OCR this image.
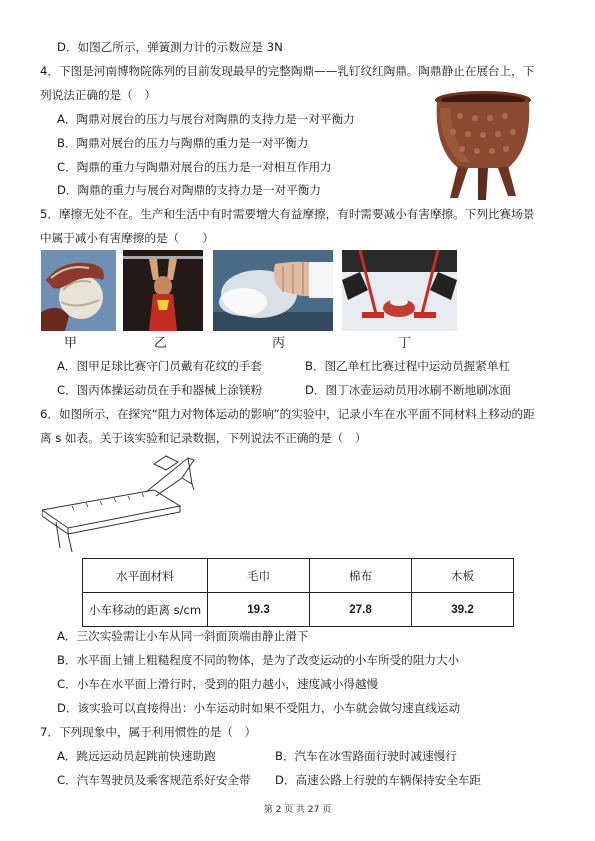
D．如图乙所示，弹簧测力计的示数应是 3N
4．下图是河南博物院陈列的目前发现最早的完整陶鼎——乳钉纹红陶鼎。陶鼎静止在展台上，下
列说法正确的是（　）
A．陶鼎对展台的压力与展台对陶鼎的支持力是一对平衡力
B．陶鼎对展台的压力与陶鼎的重力是一对平衡力
C．陶鼎的重力与陶鼎对展台的压力是一对相互作用力
D．陶鼎的重力与展台对陶鼎的支持力是一对平衡力
5．摩擦无处不在。生产和生活中有时需要增大有益摩擦，有时需要减小有害摩擦。下列比赛场景
中属于减小有害摩擦的是（　　）
甲	乙	丙	丁
A．图甲足球比赛守门员戴有花纹的手套	B．图乙单杠比赛过程中运动员握紧单杠
C．图丙体操运动员在手和器械上涂镁粉	D．图丁冰壶运动员用冰刷不断地刷冰面
6．如图所示，在探究“阻力对物体运动的影响”的实验中，记录小车在水平面不同材料上移动的距
离 s 如表。关于该实验和记录数据，下列说法不正确的是（　）
水平面材料	毛巾	棉布	木板
小车移动的距离 s/cm	19.3	27.8	39.2
A．三次实验需让小车从同一斜面顶端由静止滑下
B．水平面上铺上粗糙程度不同的物体，是为了改变运动的小车所受的阻力大小
C．小车在水平面上滑行时，受到的阻力越小，速度减小得越慢
D．该实验可以直接得出：小车运动时如果不受阻力，小车就会做匀速直线运动
7．下列现象中，属于利用惯性的是（　）
A．跳远运动员起跳前快速助跑	B．汽车在冰雪路面行驶时减速慢行
C．汽车驾驶员及乘客规范系好安全带 D．高速公路上行驶的车辆保持安全车距
第 2 页 共 27 页
